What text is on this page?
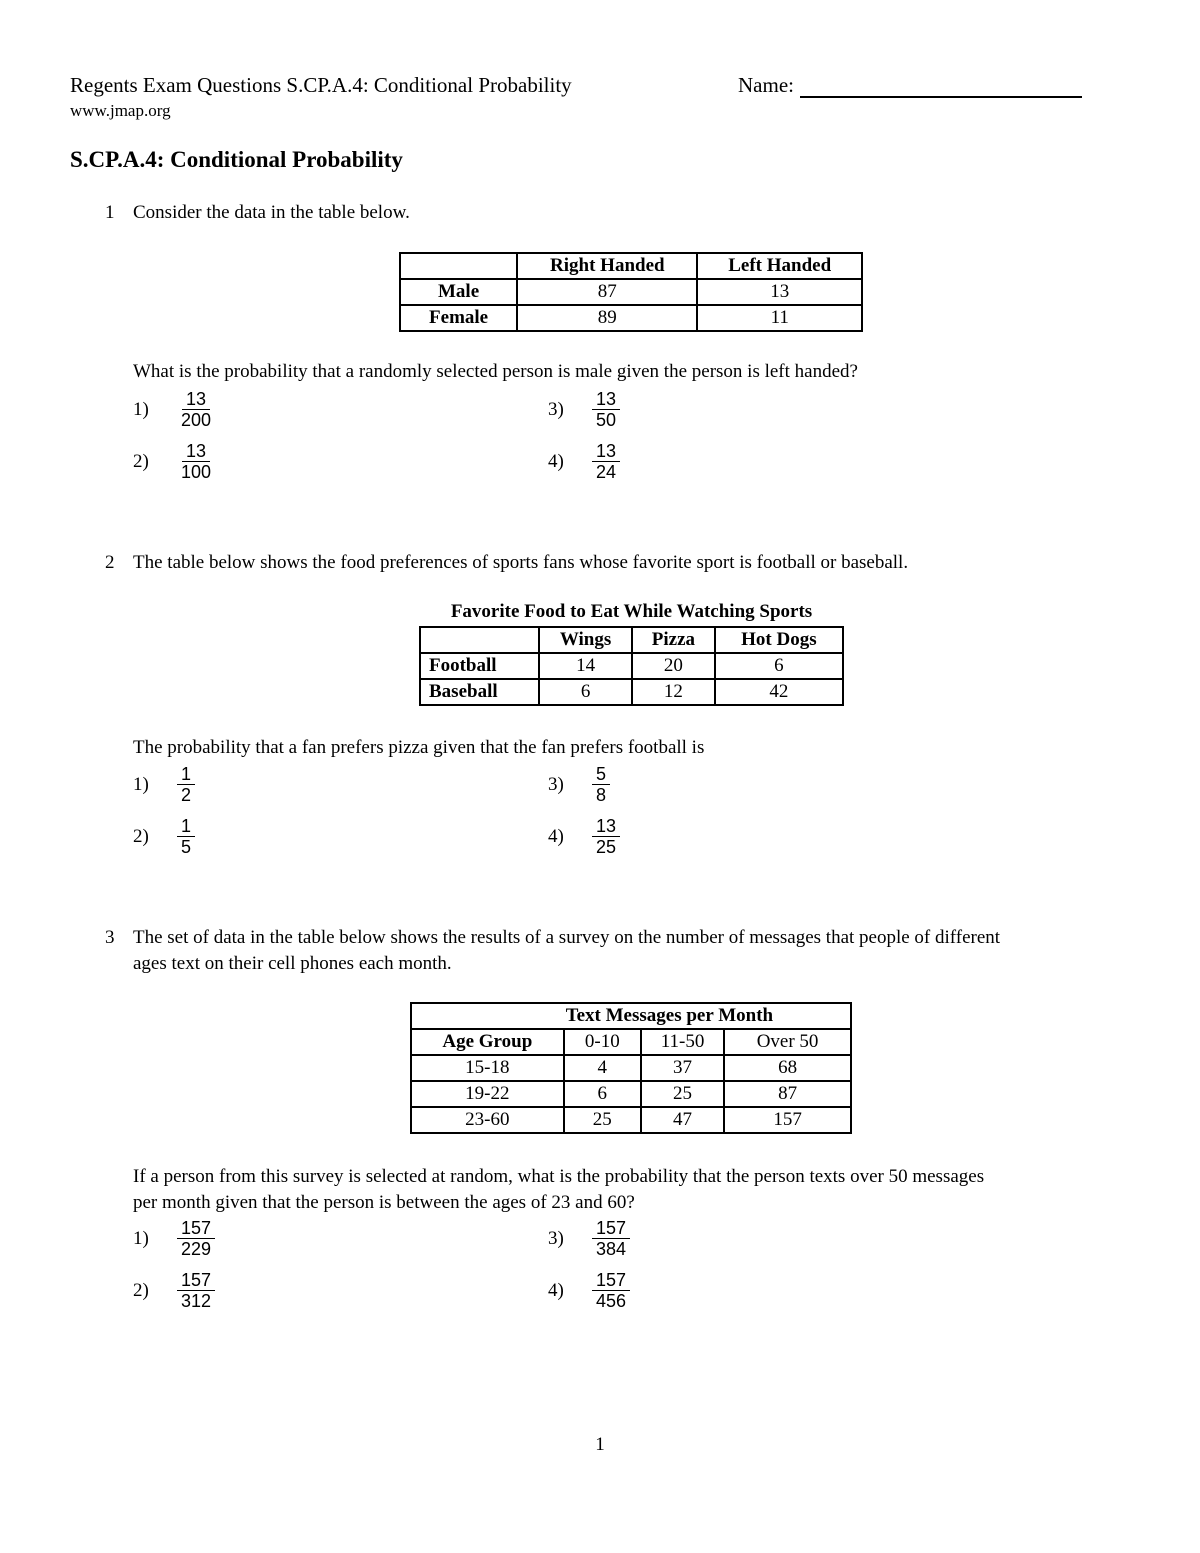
Regents Exam Questions S.CP.A.4: Conditional Probability
www.jmap.org
Name:
S.CP.A.4: Conditional Probability
1 Consider the data in the table below.
	Right Handed	Left Handed
Male	87	13
Female	89	11
What is the probability that a randomly selected person is male given the person is left handed?
1)	$\frac{13}{200}$
2)	$\frac{13}{100}$
3)	$\frac{13}{50}$
4)	$\frac{13}{24}$
2 The table below shows the food preferences of sports fans whose favorite sport is football or baseball.
Favorite Food to Eat While Watching Sports
	Wings	Pizza	Hot Dogs
Football	14	20	6
Baseball	6	12	42
The probability that a fan prefers pizza given that the fan prefers football is
1)	$\frac{1}{2}$
2)	$\frac{1}{5}$
3)	$\frac{5}{8}$
4)	$\frac{13}{25}$
3 The set of data in the table below shows the results of a survey on the number of messages that people of different
ages text on their cell phones each month.
	Text Messages per Month		
Age Group	0-10	11-50	Over 50
15-18	4	37	68
19-22	6	25	87
23-60	25	47	157
If a person from this survey is selected at random, what is the probability that the person texts over 50 messages
per month given that the person is between the ages of 23 and 60?
1)	$\frac{157}{229}$
2)	$\frac{157}{312}$
3)	$\frac{157}{384}$
4)	$\frac{157}{456}$
1
